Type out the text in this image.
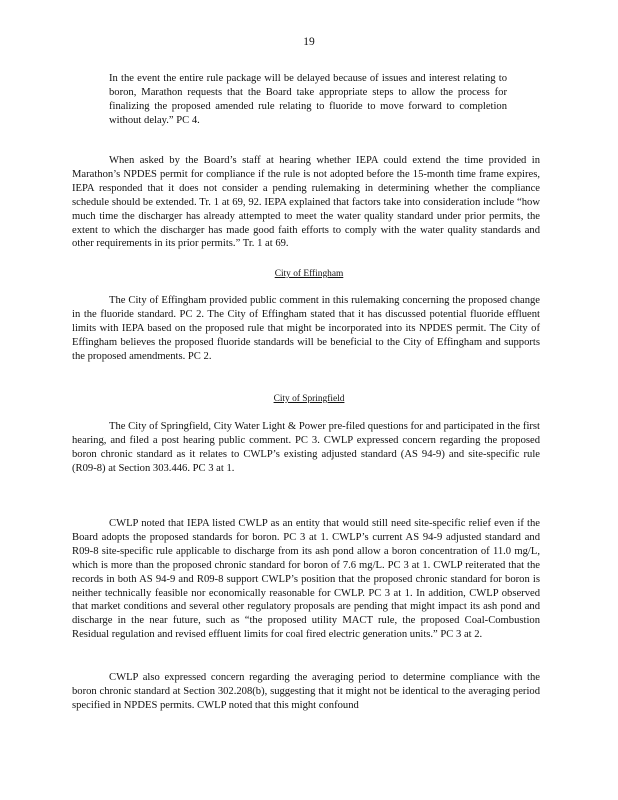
19
In the event the entire rule package will be delayed because of issues and interest relating to boron, Marathon requests that the Board take appropriate steps to allow the process for finalizing the proposed amended rule relating to fluoride to move forward to completion without delay.” PC 4.
When asked by the Board’s staff at hearing whether IEPA could extend the time provided in Marathon’s NPDES permit for compliance if the rule is not adopted before the 15-month time frame expires, IEPA responded that it does not consider a pending rulemaking in determining whether the compliance schedule should be extended. Tr. 1 at 69, 92. IEPA explained that factors take into consideration include “how much time the discharger has already attempted to meet the water quality standard under prior permits, the extent to which the discharger has made good faith efforts to comply with the water quality standards and other requirements in its prior permits.” Tr. 1 at 69.
City of Effingham
The City of Effingham provided public comment in this rulemaking concerning the proposed change in the fluoride standard. PC 2. The City of Effingham stated that it has discussed potential fluoride effluent limits with IEPA based on the proposed rule that might be incorporated into its NPDES permit. The City of Effingham believes the proposed fluoride standards will be beneficial to the City of Effingham and supports the proposed amendments. PC 2.
City of Springfield
The City of Springfield, City Water Light & Power pre-filed questions for and participated in the first hearing, and filed a post hearing public comment. PC 3. CWLP expressed concern regarding the proposed boron chronic standard as it relates to CWLP’s existing adjusted standard (AS 94-9) and site-specific rule (R09-8) at Section 303.446. PC 3 at 1.
CWLP noted that IEPA listed CWLP as an entity that would still need site-specific relief even if the Board adopts the proposed standards for boron. PC 3 at 1. CWLP’s current AS 94-9 adjusted standard and R09-8 site-specific rule applicable to discharge from its ash pond allow a boron concentration of 11.0 mg/L, which is more than the proposed chronic standard for boron of 7.6 mg/L. PC 3 at 1. CWLP reiterated that the records in both AS 94-9 and R09-8 support CWLP’s position that the proposed chronic standard for boron is neither technically feasible nor economically reasonable for CWLP. PC 3 at 1. In addition, CWLP observed that market conditions and several other regulatory proposals are pending that might impact its ash pond and discharge in the near future, such as “the proposed utility MACT rule, the proposed Coal-Combustion Residual regulation and revised effluent limits for coal fired electric generation units.” PC 3 at 2.
CWLP also expressed concern regarding the averaging period to determine compliance with the boron chronic standard at Section 302.208(b), suggesting that it might not be identical to the averaging period specified in NPDES permits. CWLP noted that this might confound
